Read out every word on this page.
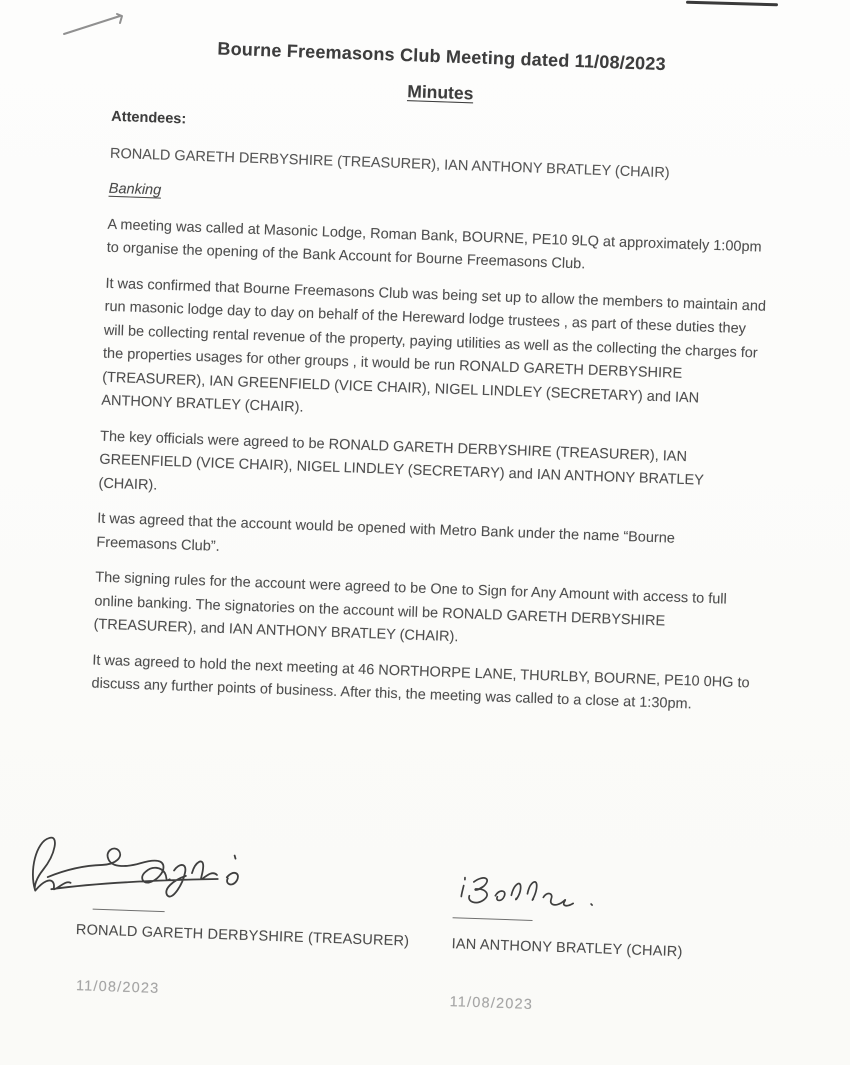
Bourne Freemasons Club Meeting dated 11/08/2023
Minutes
Attendees:

RONALD GARETH DERBYSHIRE (TREASURER), IAN ANTHONY BRATLEY (CHAIR)

Banking

A meeting was called at Masonic Lodge, Roman Bank, BOURNE, PE10 9LQ at approximately 1:00pm to organise the opening of the Bank Account for Bourne Freemasons Club.

It was confirmed that Bourne Freemasons Club was being set up to allow the members to maintain and run masonic lodge day to day on behalf of the Hereward lodge trustees , as part of these duties they will be collecting rental revenue of the property, paying utilities as well as the collecting the charges for the properties usages for other groups , it would be run RONALD GARETH DERBYSHIRE (TREASURER), IAN GREENFIELD (VICE CHAIR), NIGEL LINDLEY (SECRETARY) and IAN ANTHONY BRATLEY (CHAIR).

The key officials were agreed to be RONALD GARETH DERBYSHIRE (TREASURER), IAN GREENFIELD (VICE CHAIR), NIGEL LINDLEY (SECRETARY) and IAN ANTHONY BRATLEY (CHAIR).

It was agreed that the account would be opened with Metro Bank under the name “Bourne Freemasons Club”.

The signing rules for the account were agreed to be One to Sign for Any Amount with access to full online banking. The signatories on the account will be RONALD GARETH DERBYSHIRE (TREASURER), and IAN ANTHONY BRATLEY (CHAIR).

It was agreed to hold the next meeting at 46 NORTHORPE LANE, THURLBY, BOURNE, PE10 0HG to discuss any further points of business. After this, the meeting was called to a close at 1:30pm.

RONALD GARETH DERBYSHIRE (TREASURER)
11/08/2023
IAN ANTHONY BRATLEY (CHAIR)
11/08/2023
